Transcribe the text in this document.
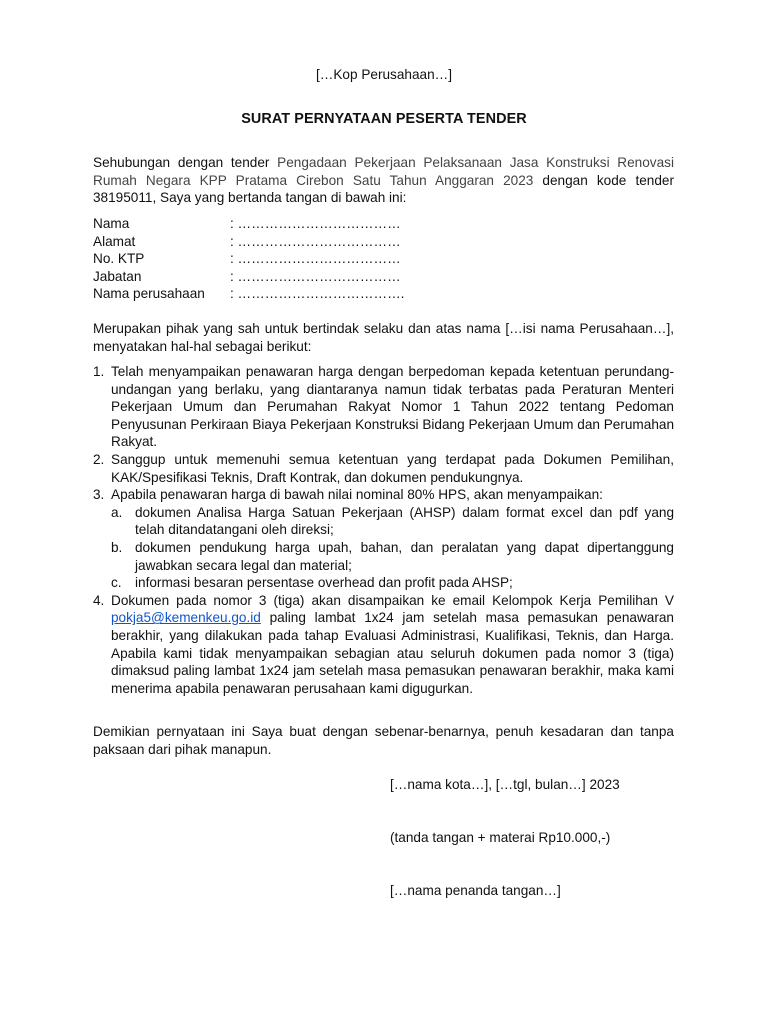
[…Kop Perusahaan…]

SURAT PERNYATAAN PESERTA TENDER

Sehubungan dengan tender Pengadaan Pekerjaan Pelaksanaan Jasa Konstruksi Renovasi Rumah Negara KPP Pratama Cirebon Satu Tahun Anggaran 2023 dengan kode tender 38195011, Saya yang bertanda tangan di bawah ini:

Nama	: ………………………………
Alamat	: ………………………………
No. KTP	: ………………………………
Jabatan	: ………………………………
Nama perusahaan	: ……………………………….

Merupakan pihak yang sah untuk bertindak selaku dan atas nama […isi nama Perusahaan…], menyatakan hal-hal sebagai berikut:

1. Telah menyampaikan penawaran harga dengan berpedoman kepada ketentuan perundang-undangan yang berlaku, yang diantaranya namun tidak terbatas pada Peraturan Menteri Pekerjaan Umum dan Perumahan Rakyat Nomor 1 Tahun 2022 tentang Pedoman Penyusunan Perkiraan Biaya Pekerjaan Konstruksi Bidang Pekerjaan Umum dan Perumahan Rakyat.
2. Sanggup untuk memenuhi semua ketentuan yang terdapat pada Dokumen Pemilihan, KAK/Spesifikasi Teknis, Draft Kontrak, dan dokumen pendukungnya.
3. Apabila penawaran harga di bawah nilai nominal 80% HPS, akan menyampaikan:
a. dokumen Analisa Harga Satuan Pekerjaan (AHSP) dalam format excel dan pdf yang telah ditandatangani oleh direksi;
b. dokumen pendukung harga upah, bahan, dan peralatan yang dapat dipertanggung jawabkan secara legal dan material;
c. informasi besaran persentase overhead dan profit pada AHSP;
4. Dokumen pada nomor 3 (tiga) akan disampaikan ke email Kelompok Kerja Pemilihan V pokja5@kemenkeu.go.id paling lambat 1x24 jam setelah masa pemasukan penawaran berakhir, yang dilakukan pada tahap Evaluasi Administrasi, Kualifikasi, Teknis, dan Harga. Apabila kami tidak menyampaikan sebagian atau seluruh dokumen pada nomor 3 (tiga) dimaksud paling lambat 1x24 jam setelah masa pemasukan penawaran berakhir, maka kami menerima apabila penawaran perusahaan kami digugurkan.

Demikian pernyataan ini Saya buat dengan sebenar-benarnya, penuh kesadaran dan tanpa paksaan dari pihak manapun.

[…nama kota…], […tgl, bulan…] 2023

(tanda tangan + materai Rp10.000,-)

[…nama penanda tangan…]
